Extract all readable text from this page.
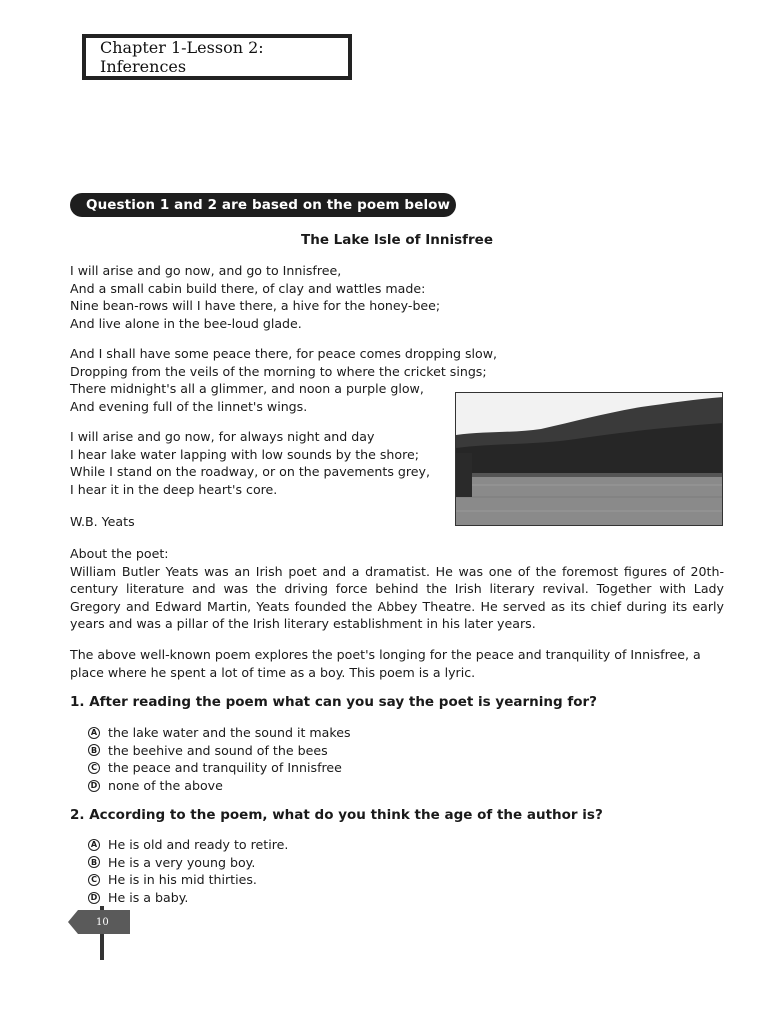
Chapter 1-Lesson 2: Inferences
Question 1 and 2 are based on the poem below
The Lake Isle of Innisfree
I will arise and go now, and go to Innisfree,
And a small cabin build there, of clay and wattles made:
Nine bean-rows will I have there, a hive for the honey-bee;
And live alone in the bee-loud glade.
And I shall have some peace there, for peace comes dropping slow,
Dropping from the veils of the morning to where the cricket sings;
There midnight's all a glimmer, and noon a purple glow,
And evening full of the linnet's wings.
I will arise and go now, for always night and day
I hear lake water lapping with low sounds by the shore;
While I stand on the roadway, or on the pavements grey,
I hear it in the deep heart's core.
W.B. Yeats
About the poet:
William Butler Yeats was an Irish poet and a dramatist. He was one of the foremost figures of 20th-century literature and was the driving force behind the Irish literary revival. Together with Lady Gregory and Edward Martin, Yeats founded the Abbey Theatre. He served as its chief during its early years and was a pillar of the Irish literary establishment in his later years.
The above well-known poem explores the poet's longing for the peace and tranquility of Innisfree, a place where he spent a lot of time as a boy. This poem is a lyric.
1. After reading the poem what can you say the poet is yearning for?
A the lake water and the sound it makes
B the beehive and sound of the bees
C the peace and tranquility of Innisfree
D none of the above
2. According to the poem, what do you think the age of the author is?
A He is old and ready to retire.
B He is a very young boy.
C He is in his mid thirties.
D He is a baby.
10
